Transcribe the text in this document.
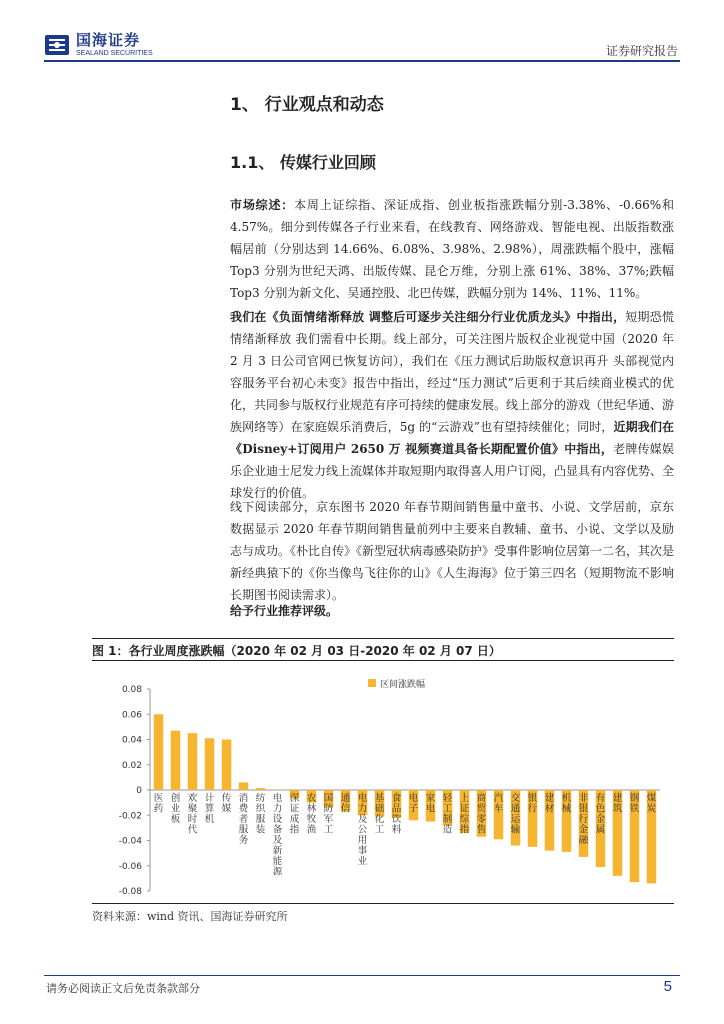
国海证券
SEALAND SECURITIES	证券研究报告
1、 行业观点和动态
1.1、 传媒行业回顾
市场综述：本周上证综指、深证成指、创业板指涨跌幅分别-3.38%、-0.66%和4.57%。细分到传媒各子行业来看，在线教育、网络游戏、智能电视、出版指数涨幅居前（分别达到 14.66%、6.08%、3.98%、2.98%），周涨跌幅个股中，涨幅 Top3 分别为世纪天鸿、出版传媒、昆仑万维，分别上涨 61%、38%、37%;跌幅 Top3 分别为新文化、吴通控股、北巴传媒，跌幅分别为 14%、11%、11%。
我们在《负面情绪渐释放 调整后可逐步关注细分行业优质龙头》中指出，短期恐慌情绪渐释放 我们需看中长期。线上部分，可关注图片版权企业视觉中国（2020 年 2 月 3 日公司官网已恢复访问），我们在《压力测试后助版权意识再升 头部视觉内容服务平台初心未变》报告中指出，经过“压力测试”后更利于其后续商业模式的优化，共同参与版权行业规范有序可持续的健康发展。线上部分的游戏（世纪华通、游族网络等）在家庭娱乐消费后，5g 的“云游戏”也有望持续催化；同时，近期我们在《Disney+订阅用户 2650 万 视频赛道具备长期配置价值》中指出，老牌传媒娱乐企业迪士尼发力线上流媒体并取短期内取得喜人用户订阅，凸显具有内容优势、全球发行的价值。
线下阅读部分，京东图书 2020 年春节期间销售量中童书、小说、文学居前，京东数据显示 2020 年春节期间销售量前列中主要来自教辅、童书、小说、文学以及励志与成功。《朴比自传》《新型冠状病毒感染防护》受事件影响位居第一二名，其次是新经典猿下的《你当像鸟飞往你的山》《人生海海》位于第三四名（短期物流不影响长期图书阅读需求）。
给予行业推荐评级。
图 1：各行业周度涨跌幅（2020 年 02 月 03 日-2020 年 02 月 07 日）
0.08
0.06
0.04
0.02
0
-0.02
-0.04
-0.06
-0.08
医药
创业板
欢聚时代
计算机
传媒
消费者服务
纺织服装
电力设备及新能源
深证成指
农林牧渔
国防军工
通信
电力及公用事业
基础化工
食品饮料
电子
家电
轻工制造
上证综指
商贸零售
汽车
交通运输
银行
建材
机械
非银行金融
有色金属
建筑
钢铁
煤炭
区间涨跌幅
资料来源：wind 资讯、国海证券研究所
请务必阅读正文后免责条款部分	5
